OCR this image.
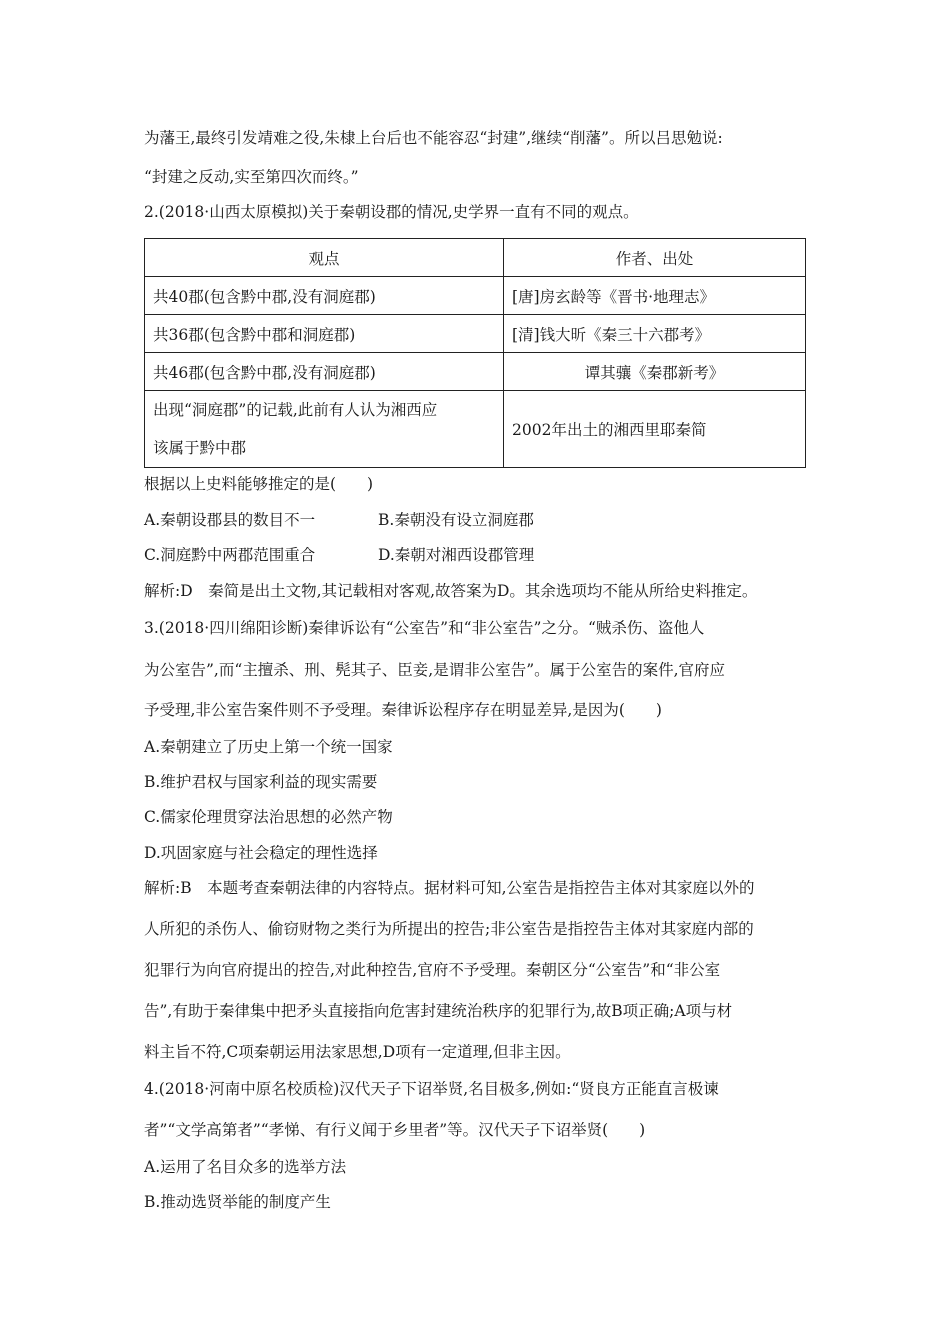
为藩王,最终引发靖难之役,朱棣上台后也不能容忍“封建”,继续“削藩”。所以吕思勉说:
“封建之反动,实至第四次而终。”
2.(2018·山西太原模拟)关于秦朝设郡的情况,史学界一直有不同的观点。
观点	作者、出处
共40郡(包含黔中郡,没有洞庭郡)	[唐]房玄龄等《晋书·地理志》
共36郡(包含黔中郡和洞庭郡)	[清]钱大昕《秦三十六郡考》
共46郡(包含黔中郡,没有洞庭郡)	谭其骧《秦郡新考》

出现“洞庭郡”的记载,此前有人认为湘西应
该属于黔中郡	2002年出土的湘西里耶秦简
根据以上史料能够推定的是(　　)
A.秦朝设郡县的数目不一	B.秦朝没有设立洞庭郡
C.洞庭黔中两郡范围重合	D.秦朝对湘西设郡管理
解析:D　秦简是出土文物,其记载相对客观,故答案为D。其余选项均不能从所给史料推定。
3.(2018·四川绵阳诊断)秦律诉讼有“公室告”和“非公室告”之分。“贼杀伤、盗他人
为公室告”,而“主擅杀、刑、髡其子、臣妾,是谓非公室告”。属于公室告的案件,官府应
予受理,非公室告案件则不予受理。秦律诉讼程序存在明显差异,是因为(　　)
A.秦朝建立了历史上第一个统一国家
B.维护君权与国家利益的现实需要
C.儒家伦理贯穿法治思想的必然产物
D.巩固家庭与社会稳定的理性选择
解析:B　本题考查秦朝法律的内容特点。据材料可知,公室告是指控告主体对其家庭以外的
人所犯的杀伤人、偷窃财物之类行为所提出的控告;非公室告是指控告主体对其家庭内部的
犯罪行为向官府提出的控告,对此种控告,官府不予受理。秦朝区分“公室告”和“非公室
告”,有助于秦律集中把矛头直接指向危害封建统治秩序的犯罪行为,故B项正确;A项与材
料主旨不符,C项秦朝运用法家思想,D项有一定道理,但非主因。
4.(2018·河南中原名校质检)汉代天子下诏举贤,名目极多,例如:“贤良方正能直言极谏
者”“文学高第者”“孝悌、有行义闻于乡里者”等。汉代天子下诏举贤(　　)
A.运用了名目众多的选举方法
B.推动选贤举能的制度产生
